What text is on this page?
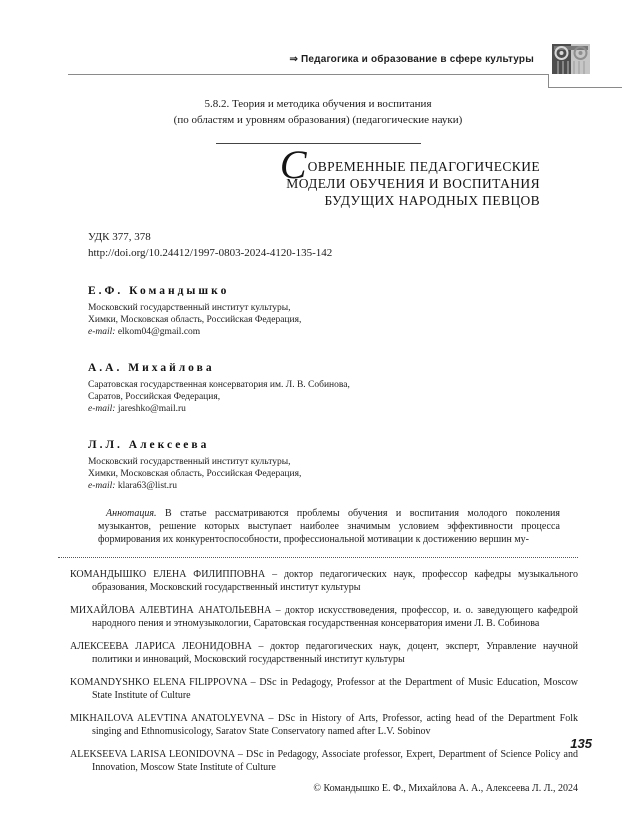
⇒ Педагогика и образование в сфере культуры
5.8.2. Теория и методика обучения и воспитания
(по областям и уровням образования) (педагогические науки)
СОВРЕМЕННЫЕ ПЕДАГОГИЧЕСКИЕ
МОДЕЛИ ОБУЧЕНИЯ И ВОСПИТАНИЯ
БУДУЩИХ НАРОДНЫХ ПЕВЦОВ
УДК 377, 378
http://doi.org/10.24412/1997-0803-2024-4120-135-142
Е.Ф. Командышко
Московский государственный институт культуры,
Химки, Московская область, Российская Федерация,
e-mail: elkom04@gmail.com
А.А. Михайлова
Саратовская государственная консерватория им. Л. В. Собинова,
Саратов, Российская Федерация,
e-mail: jareshko@mail.ru
Л.Л. Алексеева
Московский государственный институт культуры,
Химки, Московская область, Российская Федерация,
e-mail: klara63@list.ru

Аннотация. В статье рассматриваются проблемы обучения и воспитания молодого поколения музыкантов, решение которых выступает наиболее значимым условием эффективности процесса формирования их конкурентоспособности, профессиональной мотивации к достижению вершин му-

КОМАНДЫШКО ЕЛЕНА ФИЛИППОВНА – доктор педагогических наук, профессор кафедры музыкального образования, Московский государственный институт культуры
МИХАЙЛОВА АЛЕВТИНА АНАТОЛЬЕВНА – доктор искусствоведения, профессор, и. о. заведующего кафедрой народного пения и этномузыкологии, Саратовская государственная консерватория имени Л. В. Собинова
АЛЕКСЕЕВА ЛАРИСА ЛЕОНИДОВНА – доктор педагогических наук, доцент, эксперт, Управление научной политики и инноваций, Московский государственный институт культуры
KOMANDYSHKO ELENA FILIPPOVNA – DSc in Pedagogy, Professor at the Department of Music Education, Moscow State Institute of Culture
MIKHAILOVA ALEVTINA ANATOLYEVNA – DSc in History of Arts, Professor, acting head of the Department Folk singing and Ethnomusicology, Saratov State Conservatory named after L.V. Sobinov
ALEKSEEVA LARISA LEONIDOVNA – DSc in Pedagogy, Associate professor, Expert, Department of Science Policy and Innovation, Moscow State Institute of Culture
© Командышко Е. Ф., Михайлова А. А., Алексеева Л. Л., 2024
135
